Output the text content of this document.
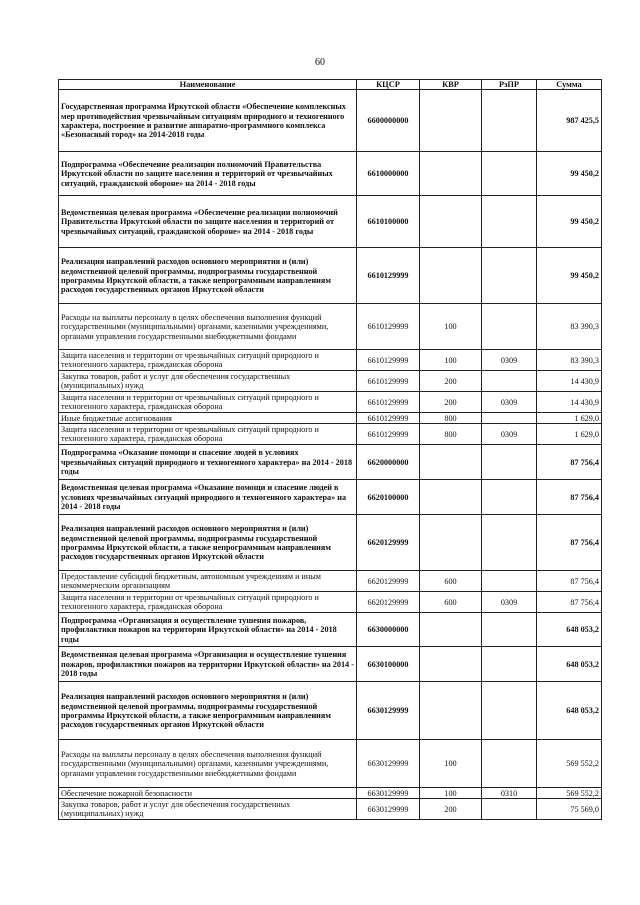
60
Наименование	КЦСР	КВР	РзПР	Сумма
Государственная программа Иркутской области «Обеспечение комплексных мер противодействия чрезвычайным ситуациям природного и техногенного характера, построение и развитие аппаратно-программного комплекса «Безопасный город» на 2014-2018 годы	6600000000			987 425,5
Подпрограмма «Обеспечение реализации полномочий Правительства Иркутской области по защите населения и территорий от чрезвычайных ситуаций, гражданской обороне» на 2014 - 2018 годы	6610000000			99 450,2
Ведомственная целевая программа «Обеспечение реализации полномочий Правительства Иркутской области по защите населения и территорий от чрезвычайных ситуаций, гражданской обороне» на 2014 - 2018 годы	6610100000			99 450,2
Реализация направлений расходов основного мероприятия и (или) ведомственной целевой программы, подпрограммы государственной программы Иркутской области, а также непрограммным направлениям расходов государственных органов Иркутской области	6610129999			99 450,2
Расходы на выплаты персоналу в целях обеспечения выполнения функций государственными (муниципальными) органами, казенными учреждениями, органами управления государственными внебюджетными фондами	6610129999	100		83 390,3
Защита населения и территории от чрезвычайных ситуаций природного и техногенного характера, гражданская оборона	6610129999	100	0309	83 390,3
Закупка товаров, работ и услуг для обеспечения государственных (муниципальных) нужд	6610129999	200		14 430,9
Защита населения и территории от чрезвычайных ситуаций природного и техногенного характера, гражданская оборона	6610129999	200	0309	14 430,9
Иные бюджетные ассигнования	6610129999	800		1 629,0
Защита населения и территории от чрезвычайных ситуаций природного и техногенного характера, гражданская оборона	6610129999	800	0309	1 629,0
Подпрограмма «Оказание помощи и спасение людей в условиях чрезвычайных ситуаций природного и техногенного характера» на 2014 - 2018 годы	6620000000			87 756,4
Ведомственная целевая программа «Оказание помощи и спасение людей в условиях чрезвычайных ситуаций природного и техногенного характера» на 2014 - 2018 годы	6620100000			87 756,4
Реализация направлений расходов основного мероприятия и (или) ведомственной целевой программы, подпрограммы государственной программы Иркутской области, а также непрограммным направлениям расходов государственных органов Иркутской области	6620129999			87 756,4
Предоставление субсидий бюджетным, автономным учреждениям и иным некоммерческим организациям	6620129999	600		87 756,4
Защита населения и территории от чрезвычайных ситуаций природного и техногенного характера, гражданская оборона	6620129999	600	0309	87 756,4
Подпрограмма «Организация и осуществление тушения пожаров, профилактики пожаров на территории Иркутской области» на 2014 - 2018 годы	6630000000			648 053,2
Ведомственная целевая программа «Организация и осуществление тушения пожаров, профилактики пожаров на территории Иркутской области» на 2014 - 2018 годы	6630100000			648 053,2
Реализация направлений расходов основного мероприятия и (или) ведомственной целевой программы, подпрограммы государственной программы Иркутской области, а также непрограммным направлениям расходов государственных органов Иркутской области	6630129999			648 053,2
Расходы на выплаты персоналу в целях обеспечения выполнения функций государственными (муниципальными) органами, казенными учреждениями, органами управления государственными внебюджетными фондами	6630129999	100		569 552,2
Обеспечение пожарной безопасности	6630129999	100	0310	569 552,2
Закупка товаров, работ и услуг для обеспечения государственных (муниципальных) нужд	6630129999	200		75 569,0
